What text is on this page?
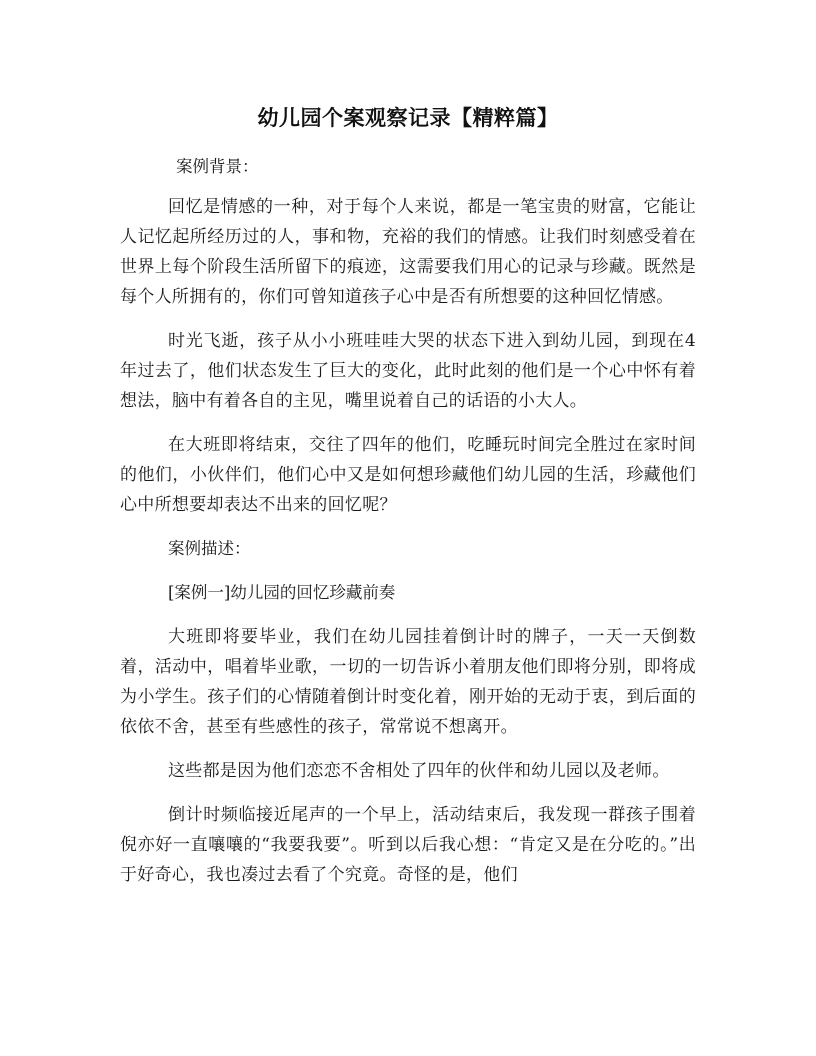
幼儿园个案观察记录【精粹篇】

案例背景：

回忆是情感的一种，对于每个人来说，都是一笔宝贵的财富，它能让人记忆起所经历过的人，事和物，充裕的我们的情感。让我们时刻感受着在世界上每个阶段生活所留下的痕迹，这需要我们用心的记录与珍藏。既然是每个人所拥有的，你们可曾知道孩子心中是否有所想要的这种回忆情感。

时光飞逝，孩子从小小班哇哇大哭的状态下进入到幼儿园，到现在4年过去了，他们状态发生了巨大的变化，此时此刻的他们是一个心中怀有着想法，脑中有着各自的主见，嘴里说着自己的话语的小大人。

在大班即将结束，交往了四年的他们，吃睡玩时间完全胜过在家时间的他们，小伙伴们，他们心中又是如何想珍藏他们幼儿园的生活，珍藏他们心中所想要却表达不出来的回忆呢？

案例描述：

[案例一]幼儿园的回忆珍藏前奏

大班即将要毕业，我们在幼儿园挂着倒计时的牌子，一天一天倒数着，活动中，唱着毕业歌，一切的一切告诉小着朋友他们即将分别，即将成为小学生。孩子们的心情随着倒计时变化着，刚开始的无动于衷，到后面的依依不舍，甚至有些感性的孩子，常常说不想离开。

这些都是因为他们恋恋不舍相处了四年的伙伴和幼儿园以及老师。

倒计时频临接近尾声的一个早上，活动结束后，我发现一群孩子围着倪亦好一直嚷嚷的“我要我要”。听到以后我心想：“肯定又是在分吃的。”出于好奇心，我也凑过去看了个究竟。奇怪的是，他们
